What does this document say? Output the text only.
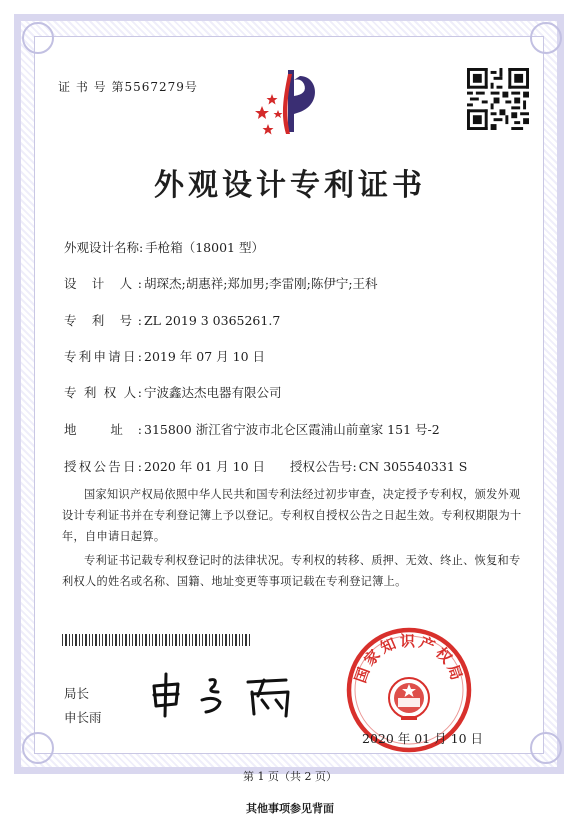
证 书 号 第5567279号
外观设计专利证书
外观设计名称: 手枪箱（18001 型）
设 计 人: 胡琛杰;胡惠祥;郑加男;李雷刚;陈伊宁;王科
专 利 号: ZL 2019 3 0365261.7
专利申请日: 2019 年 07 月 10 日
专 利 权 人: 宁波鑫达杰电器有限公司
地 址: 315800 浙江省宁波市北仑区霞浦山前童家 151 号-2
授权公告日: 2020 年 01 月 10 日 授权公告号: CN 305540331 S
国家知识产权局依照中华人民共和国专利法经过初步审查，决定授予专利权，颁发外观设计专利证书并在专利登记簿上予以登记。专利权自授权公告之日起生效。专利权期限为十年，自申请日起算。
专利证书记载专利权登记时的法律状况。专利权的转移、质押、无效、终止、恢复和专利权人的姓名或名称、国籍、地址变更等事项记载在专利登记簿上。
局长
申长雨
国家知识产权局
2020 年 01 月 10 日
第 1 页（共 2 页）
其他事项参见背面
